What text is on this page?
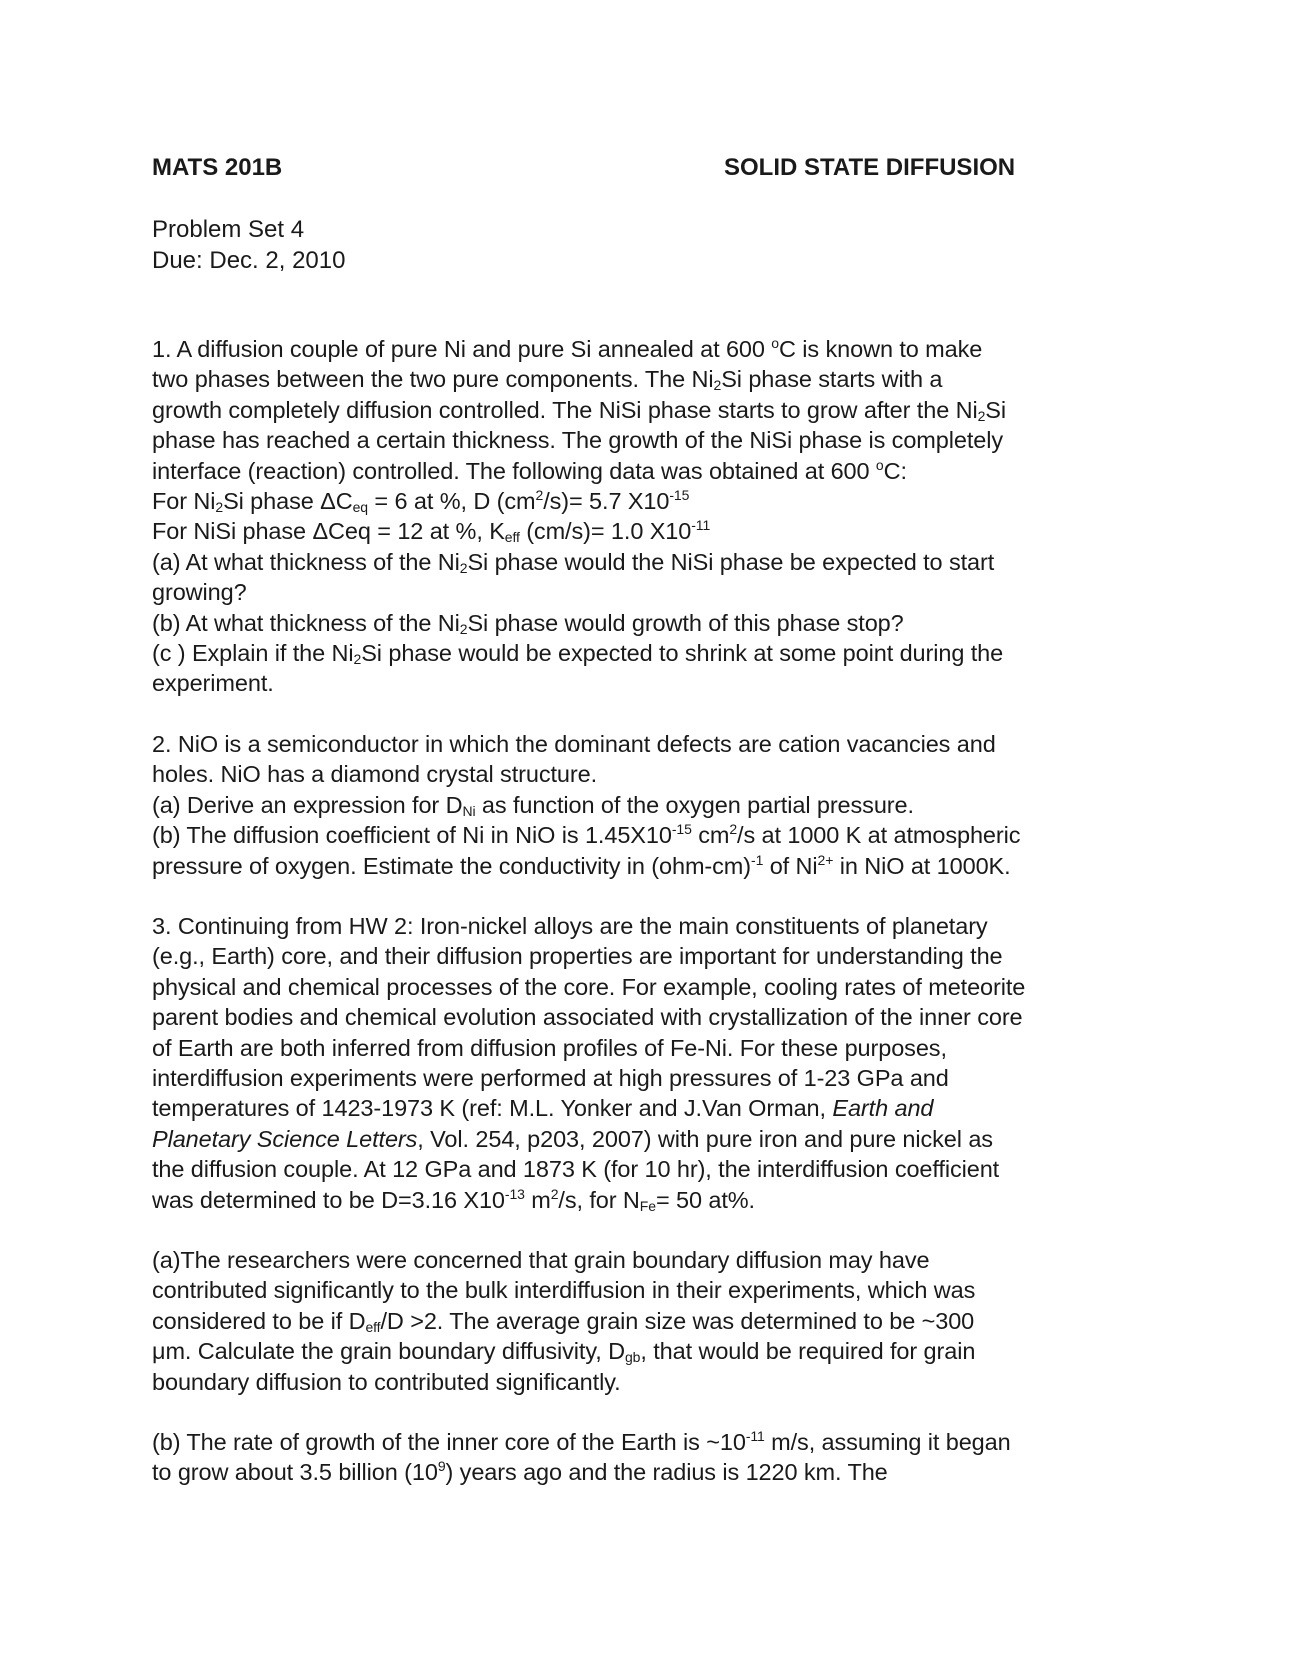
MATS 201B	SOLID STATE DIFFUSION
Problem Set 4
Due: Dec. 2, 2010

1. A diffusion couple of pure Ni and pure Si annealed at 600 $^o$C is known to make

two phases between the two pure components. The $Ni_2Si$ phase starts with a

growth completely diffusion controlled. The NiSi phase starts to grow after the $Ni_2Si$

phase has reached a certain thickness. The growth of the NiSi phase is completely

interface (reaction) controlled. The following data was obtained at 600 $^o$C:

For $Ni_2Si$ phase $\Delta C_{eq} = 6$ at %, D $(cm^2/s)= 5.7$ $X10^{-15}$

For NiSi phase ΔCeq = 12 at %, $K_{eff}$ (cm/s)= 1.0 $X10^{-11}$

(a) At what thickness of the $Ni_2Si$ phase would the NiSi phase be expected to start

growing?

(b) At what thickness of the $Ni_2Si$ phase would growth of this phase stop?

(c ) Explain if the $Ni_2Si$ phase would be expected to shrink at some point during the

experiment.

2. NiO is a semiconductor in which the dominant defects are cation vacancies and

holes. NiO has a diamond crystal structure.

(a) Derive an expression for $D_{Ni}$ as function of the oxygen partial pressure.

(b) The diffusion coefficient of Ni in NiO is $1.45X10^{-15}$ $cm^2/s$ at 1000 K at atmospheric

pressure of oxygen. Estimate the conductivity in $(ohm-cm)^{-1}$ of $Ni^{2+}$ in NiO at 1000K.

3. Continuing from HW 2: Iron-nickel alloys are the main constituents of planetary

(e.g., Earth) core, and their diffusion properties are important for understanding the

physical and chemical processes of the core. For example, cooling rates of meteorite

parent bodies and chemical evolution associated with crystallization of the inner core

of Earth are both inferred from diffusion profiles of Fe-Ni. For these purposes,

interdiffusion experiments were performed at high pressures of 1-23 GPa and

temperatures of 1423-1973 K (ref: M.L. Yonker and J.Van Orman, Earth and

Planetary Science Letters, Vol. 254, p203, 2007) with pure iron and pure nickel as

the diffusion couple. At 12 GPa and 1873 K (for 10 hr), the interdiffusion coefficient

was determined to be D=3.16 $X10^{-13}$ $m^2/s$, for $N_{Fe}= 50$ at%.

(a)The researchers were concerned that grain boundary diffusion may have

contributed significantly to the bulk interdiffusion in their experiments, which was

considered to be if $D_{eff}/D >2$. The average grain size was determined to be ~300

μm. Calculate the grain boundary diffusivity, $D_{gb}$, that would be required for grain

boundary diffusion to contributed significantly.

(b) The rate of growth of the inner core of the Earth is $\sim 10^{-11}$ m/s, assuming it began

to grow about 3.5 billion $(10^9)$ years ago and the radius is 1220 km. The
